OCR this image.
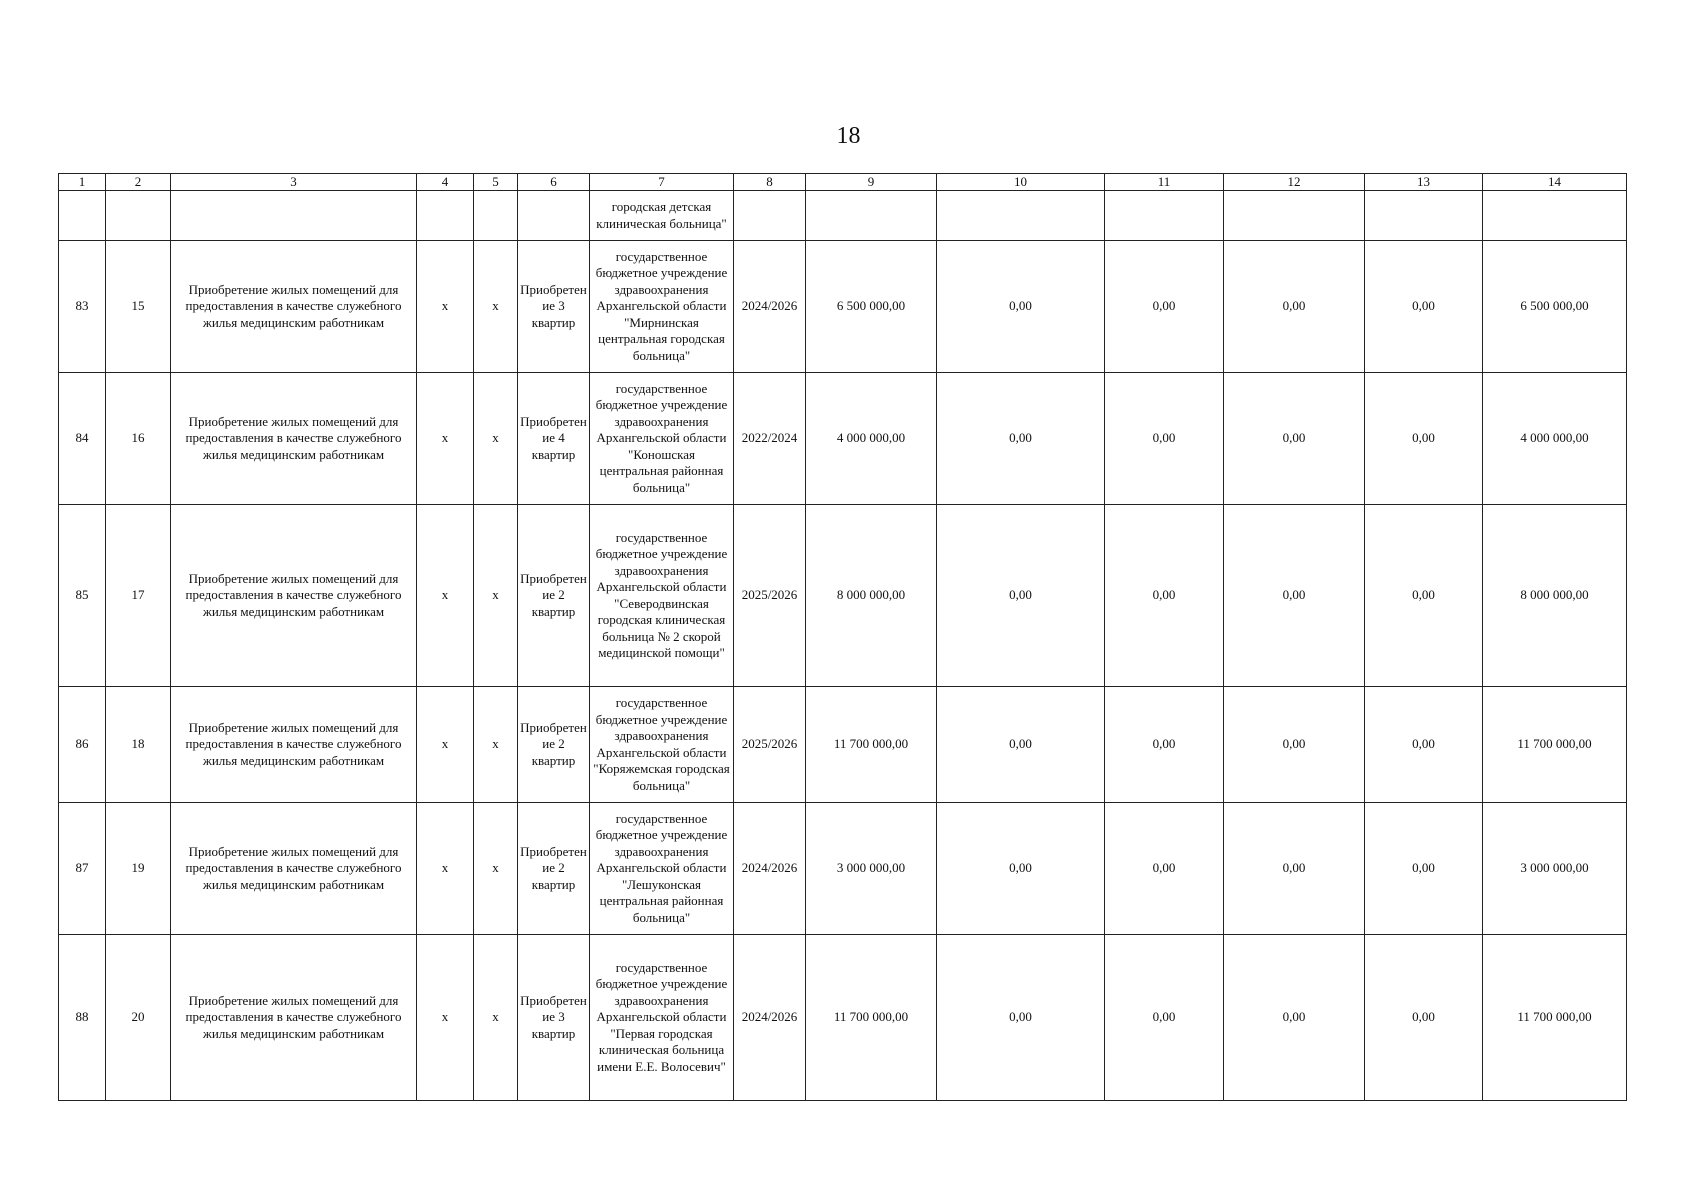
18
1	2	3	4	5	6	7	8	9	10	11	12	13	14
						городская детская клиническая больница"							
83	15	Приобретение жилых помещений для предоставления в качестве служебного жилья медицинским работникам	x	x	Приобретение 3 квартир	государственное бюджетное учреждение здравоохранения Архангельской области "Мирнинская центральная городская больница"	2024/2026	6 500 000,00	0,00	0,00	0,00	0,00	6 500 000,00
84	16	Приобретение жилых помещений для предоставления в качестве служебного жилья медицинским работникам	x	x	Приобретение 4 квартир	государственное бюджетное учреждение здравоохранения Архангельской области "Коношская центральная районная больница"	2022/2024	4 000 000,00	0,00	0,00	0,00	0,00	4 000 000,00
85	17	Приобретение жилых помещений для предоставления в качестве служебного жилья медицинским работникам	x	x	Приобретение 2 квартир	государственное бюджетное учреждение здравоохранения Архангельской области "Северодвинская городская клиническая больница № 2 скорой медицинской помощи"	2025/2026	8 000 000,00	0,00	0,00	0,00	0,00	8 000 000,00
86	18	Приобретение жилых помещений для предоставления в качестве служебного жилья медицинским работникам	x	x	Приобретение 2 квартир	государственное бюджетное учреждение здравоохранения Архангельской области "Коряжемская городская больница"	2025/2026	11 700 000,00	0,00	0,00	0,00	0,00	11 700 000,00
87	19	Приобретение жилых помещений для предоставления в качестве служебного жилья медицинским работникам	x	x	Приобретение 2 квартир	государственное бюджетное учреждение здравоохранения Архангельской области "Лешуконская центральная районная больница"	2024/2026	3 000 000,00	0,00	0,00	0,00	0,00	3 000 000,00
88	20	Приобретение жилых помещений для предоставления в качестве служебного жилья медицинским работникам	x	x	Приобретение 3 квартир	государственное бюджетное учреждение здравоохранения Архангельской области "Первая городская клиническая больница имени Е.Е. Волосевич"	2024/2026	11 700 000,00	0,00	0,00	0,00	0,00	11 700 000,00
